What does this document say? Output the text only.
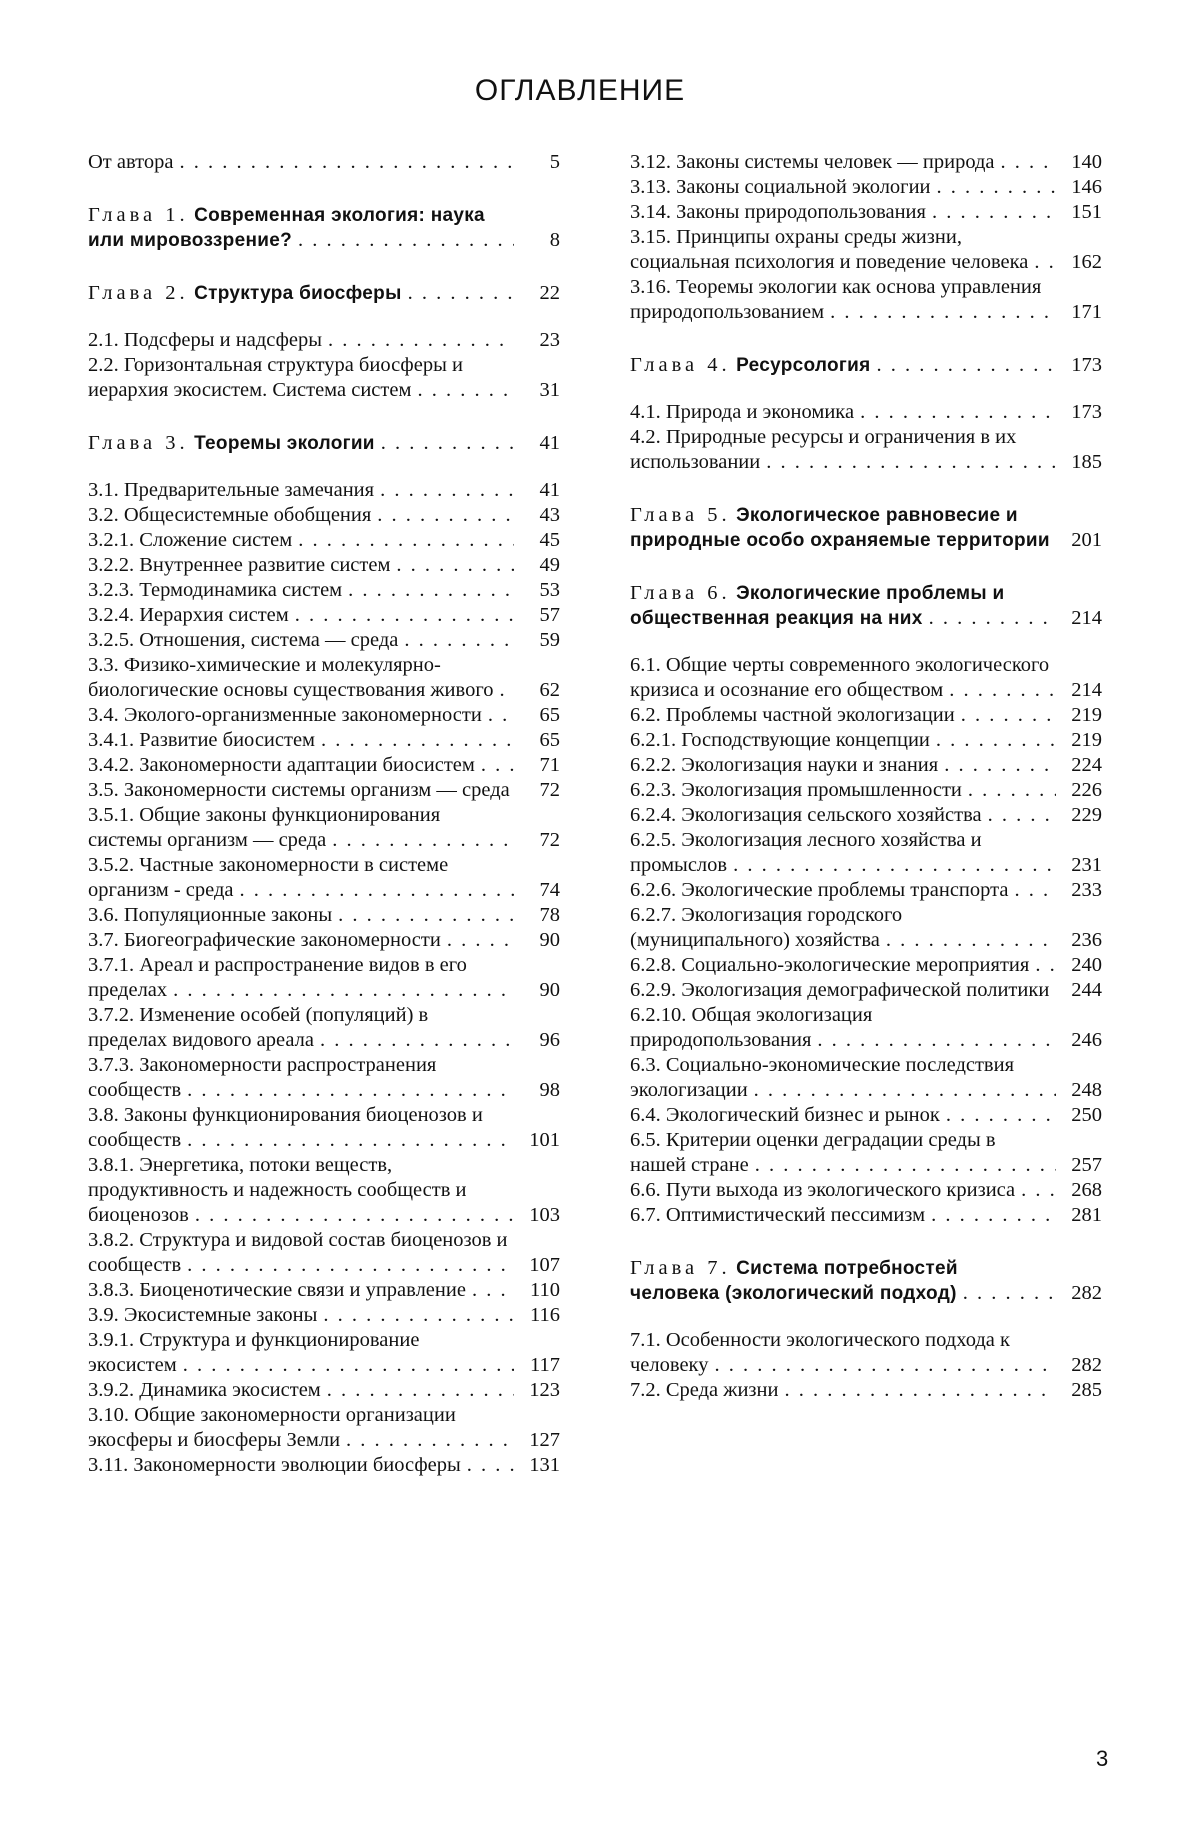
ОГЛАВЛЕНИЕ
От автора . . .	5
Глава 1. Современная экология: наука или мировоззрение? . . .	8
Глава 2. Структура биосферы . . .	22
2.1. Подсферы и надсферы . . .	23
2.2. Горизонтальная структура биосферы и иерархия экосистем. Система систем . . .	31
Глава 3. Теоремы экологии . . .	41
3.1. Предварительные замечания . . .	41
3.2. Общесистемные обобщения . . .	43
3.2.1. Сложение систем . . .	45
3.2.2. Внутреннее развитие систем . . .	49
3.2.3. Термодинамика систем . . .	53
3.2.4. Иерархия систем . . .	57
3.2.5. Отношения, система — среда . . .	59
3.3. Физико-химические и молекулярно-биологические основы существования живого . . .	62
3.4. Эколого-организменные закономерности . . .	65
3.4.1. Развитие биосистем . . .	65
3.4.2. Закономерности адаптации биосистем . . .	71
3.5. Закономерности системы организм — среда . . .	72
3.5.1. Общие законы функционирования системы организм — среда . . .	72
3.5.2. Частные закономерности в системе организм - среда . . .	74
3.6. Популяционные законы . . .	78
3.7. Биогеографические закономерности . . .	90
3.7.1. Ареал и распространение видов в его пределах . . .	90
3.7.2. Изменение особей (популяций) в пределах видового ареала . . .	96
3.7.3. Закономерности распространения сообществ . . .	98
3.8. Законы функционирования биоценозов и сообществ . . .	101
3.8.1. Энергетика, потоки веществ, продуктивность и надежность сообществ и биоценозов . . .	103
3.8.2. Структура и видовой состав биоценозов и сообществ . . .	107
3.8.3. Биоценотические связи и управление . . .	110
3.9. Экосистемные законы . . .	116
3.9.1. Структура и функционирование экосистем . . .	117
3.9.2. Динамика экосистем . . .	123
3.10. Общие закономерности организации экосферы и биосферы Земли . . .	127
3.11. Закономерности эволюции биосферы . . .	131
3.12. Законы системы человек — природа . . .	140
3.13. Законы социальной экологии . . .	146
3.14. Законы природопользования . . .	151
3.15. Принципы охраны среды жизни, социальная психология и поведение человека . . .	162
3.16. Теоремы экологии как основа управления природопользованием . . .	171
Глава 4. Ресурсология . . .	173
4.1. Природа и экономика . . .	173
4.2. Природные ресурсы и ограничения в их использовании . . .	185
Глава 5. Экологическое равновесие и природные особо охраняемые территории . . .	201
Глава 6. Экологические проблемы и общественная реакция на них . . .	214
6.1. Общие черты современного экологического кризиса и осознание его обществом . . .	214
6.2. Проблемы частной экологизации . . .	219
6.2.1. Господствующие концепции . . .	219
6.2.2. Экологизация науки и знания . . .	224
6.2.3. Экологизация промышленности . . .	226
6.2.4. Экологизация сельского хозяйства . . .	229
6.2.5. Экологизация лесного хозяйства и промыслов . . .	231
6.2.6. Экологические проблемы транспорта . . .	233
6.2.7. Экологизация городского (муниципального) хозяйства . . .	236
6.2.8. Социально-экологические мероприятия . . .	240
6.2.9. Экологизация демографической политики . . .	244
6.2.10. Общая экологизация природопользования . . .	246
6.3. Социально-экономические последствия экологизации . . .	248
6.4. Экологический бизнес и рынок . . .	250
6.5. Критерии оценки деградации среды в нашей стране . . .	257
6.6. Пути выхода из экологического кризиса . . .	268
6.7. Оптимистический пессимизм . . .	281
Глава 7. Система потребностей человека (экологический подход) . . .	282
7.1. Особенности экологического подхода к человеку . . .	282
7.2. Среда жизни . . .	285
3
